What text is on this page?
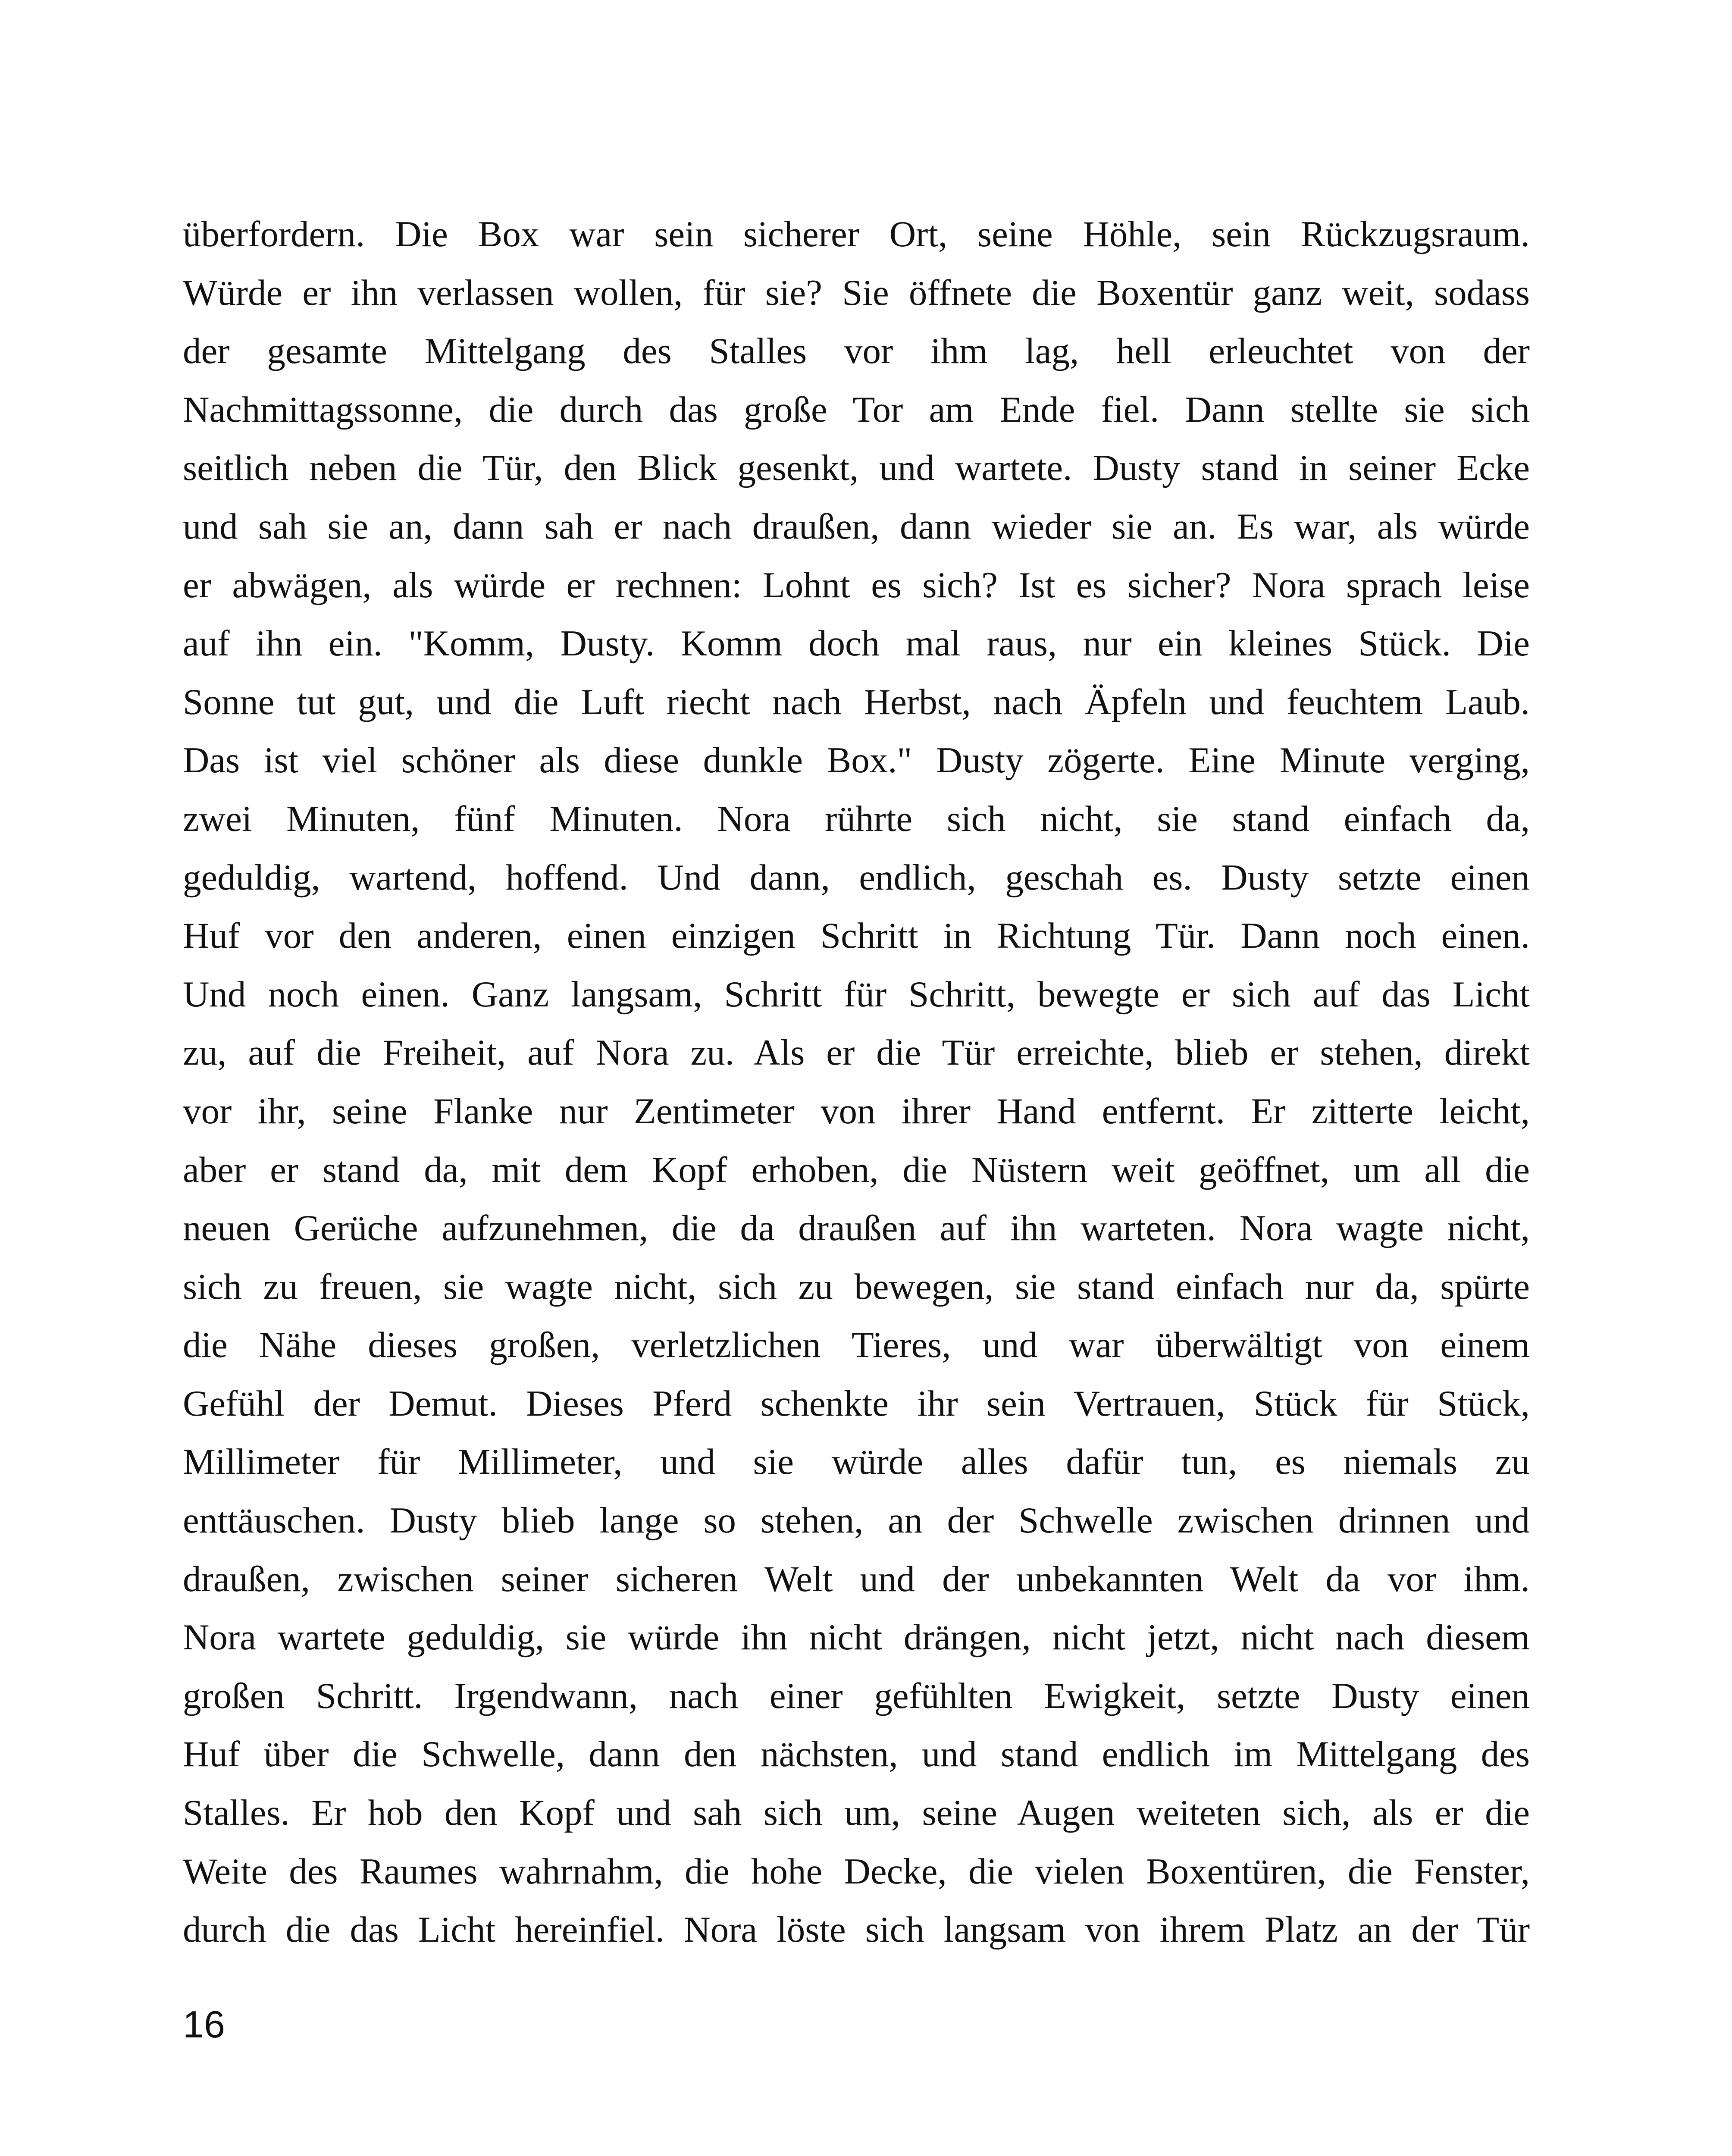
überfordern. Die Box war sein sicherer Ort, seine Höhle, sein Rückzugsraum.
Würde er ihn verlassen wollen, für sie? Sie öffnete die Boxentür ganz weit, sodass
der gesamte Mittelgang des Stalles vor ihm lag, hell erleuchtet von der
Nachmittagssonne, die durch das große Tor am Ende fiel. Dann stellte sie sich
seitlich neben die Tür, den Blick gesenkt, und wartete. Dusty stand in seiner Ecke
und sah sie an, dann sah er nach draußen, dann wieder sie an. Es war, als würde
er abwägen, als würde er rechnen: Lohnt es sich? Ist es sicher? Nora sprach leise
auf ihn ein. "Komm, Dusty. Komm doch mal raus, nur ein kleines Stück. Die
Sonne tut gut, und die Luft riecht nach Herbst, nach Äpfeln und feuchtem Laub.
Das ist viel schöner als diese dunkle Box." Dusty zögerte. Eine Minute verging,
zwei Minuten, fünf Minuten. Nora rührte sich nicht, sie stand einfach da,
geduldig, wartend, hoffend. Und dann, endlich, geschah es. Dusty setzte einen
Huf vor den anderen, einen einzigen Schritt in Richtung Tür. Dann noch einen.
Und noch einen. Ganz langsam, Schritt für Schritt, bewegte er sich auf das Licht
zu, auf die Freiheit, auf Nora zu. Als er die Tür erreichte, blieb er stehen, direkt
vor ihr, seine Flanke nur Zentimeter von ihrer Hand entfernt. Er zitterte leicht,
aber er stand da, mit dem Kopf erhoben, die Nüstern weit geöffnet, um all die
neuen Gerüche aufzunehmen, die da draußen auf ihn warteten. Nora wagte nicht,
sich zu freuen, sie wagte nicht, sich zu bewegen, sie stand einfach nur da, spürte
die Nähe dieses großen, verletzlichen Tieres, und war überwältigt von einem
Gefühl der Demut. Dieses Pferd schenkte ihr sein Vertrauen, Stück für Stück,
Millimeter für Millimeter, und sie würde alles dafür tun, es niemals zu
enttäuschen. Dusty blieb lange so stehen, an der Schwelle zwischen drinnen und
draußen, zwischen seiner sicheren Welt und der unbekannten Welt da vor ihm.
Nora wartete geduldig, sie würde ihn nicht drängen, nicht jetzt, nicht nach diesem
großen Schritt. Irgendwann, nach einer gefühlten Ewigkeit, setzte Dusty einen
Huf über die Schwelle, dann den nächsten, und stand endlich im Mittelgang des
Stalles. Er hob den Kopf und sah sich um, seine Augen weiteten sich, als er die
Weite des Raumes wahrnahm, die hohe Decke, die vielen Boxentüren, die Fenster,
durch die das Licht hereinfiel. Nora löste sich langsam von ihrem Platz an der Tür
16
